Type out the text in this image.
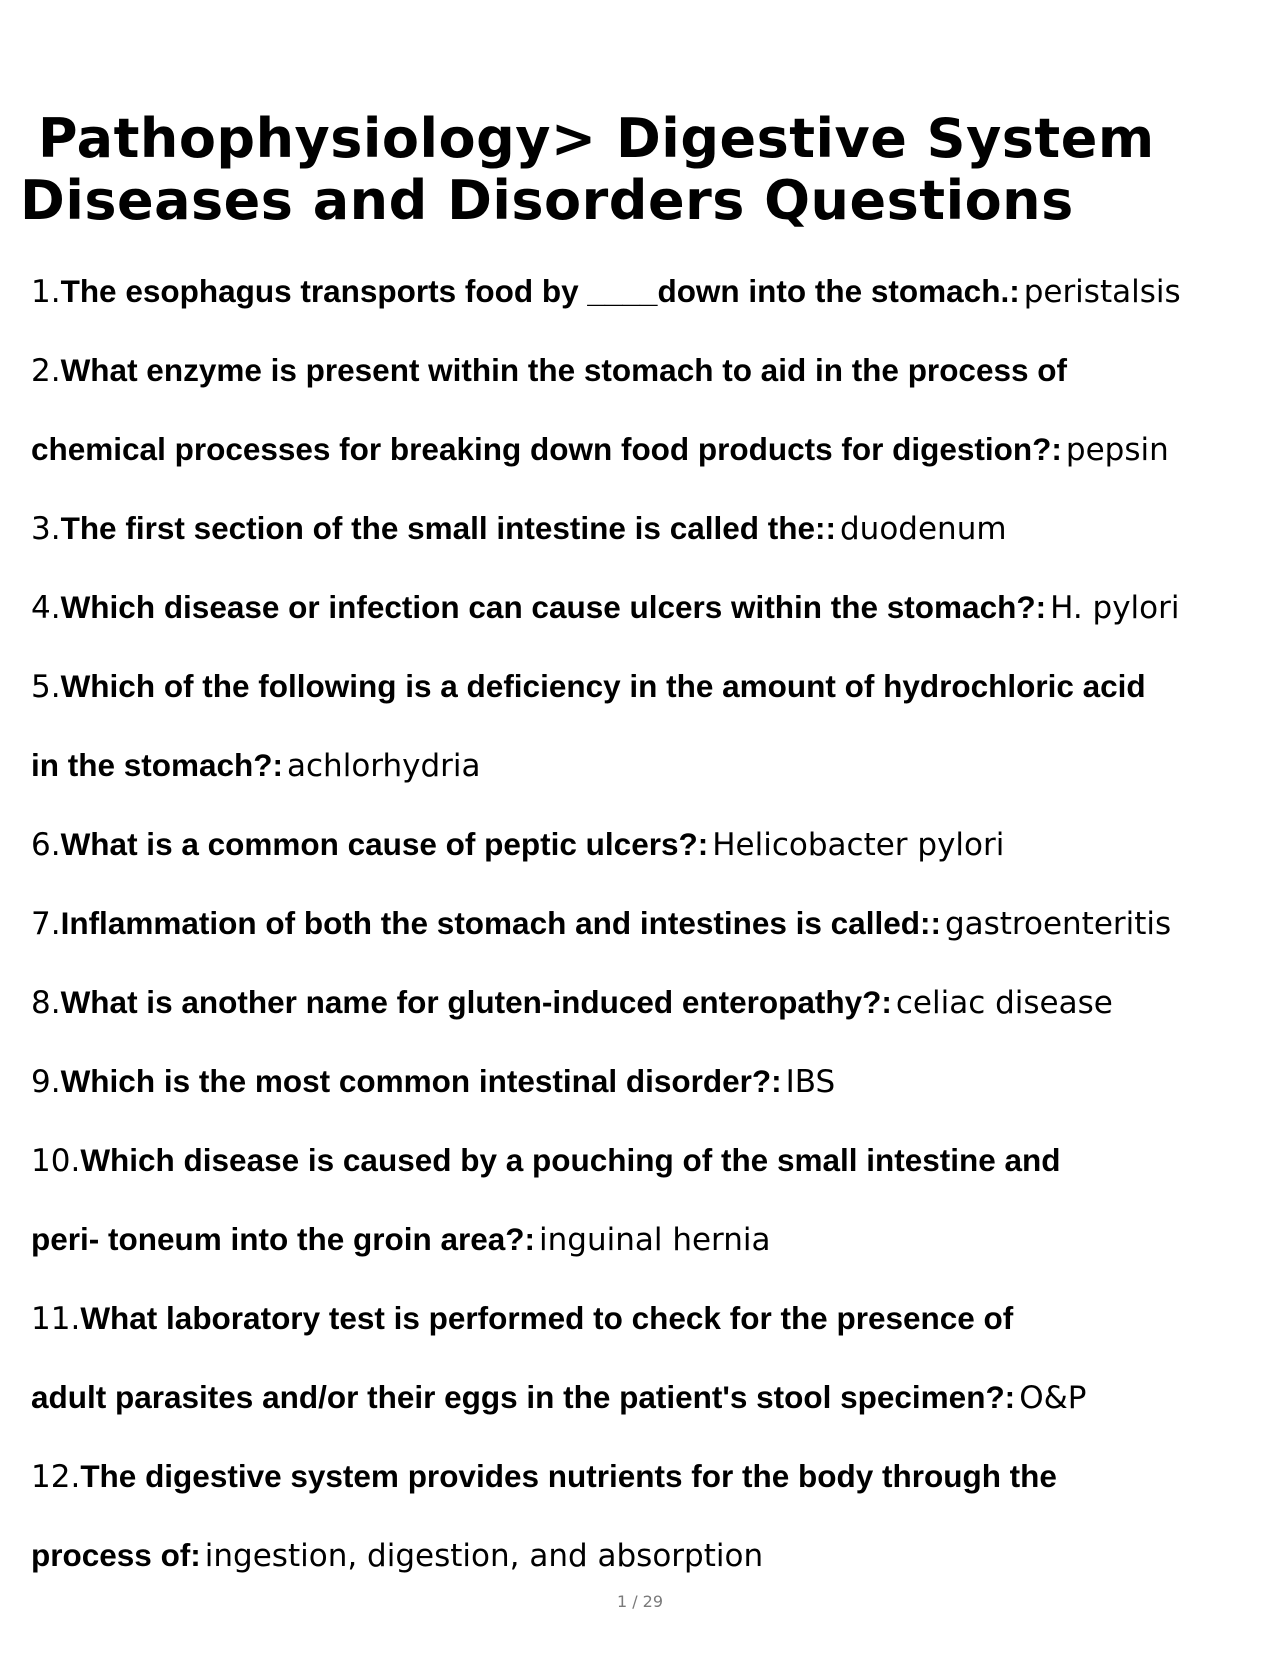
Pathophysiology> Digestive System
Diseases and Disorders Questions
1.The esophagus transports food by ____down into the stomach.: peristalsis
2.What enzyme is present within the stomach to aid in the process of
chemical processes for breaking down food products for digestion?: pepsin
3.The first section of the small intestine is called the:: duodenum
4.Which disease or infection can cause ulcers within the stomach?: H. pylori
5.Which of the following is a deficiency in the amount of hydrochloric acid
in the stomach?: achlorhydria
6.What is a common cause of peptic ulcers?: Helicobacter pylori
7.Inflammation of both the stomach and intestines is called:: gastroenteritis
8.What is another name for gluten-induced enteropathy?: celiac disease
9.Which is the most common intestinal disorder?: IBS
10.Which disease is caused by a pouching of the small intestine and
peri- toneum into the groin area?: inguinal hernia
11.What laboratory test is performed to check for the presence of
adult parasites and/or their eggs in the patient's stool specimen?: O&P
12.The digestive system provides nutrients for the body through the
process of: ingestion, digestion, and absorption
1 / 29
